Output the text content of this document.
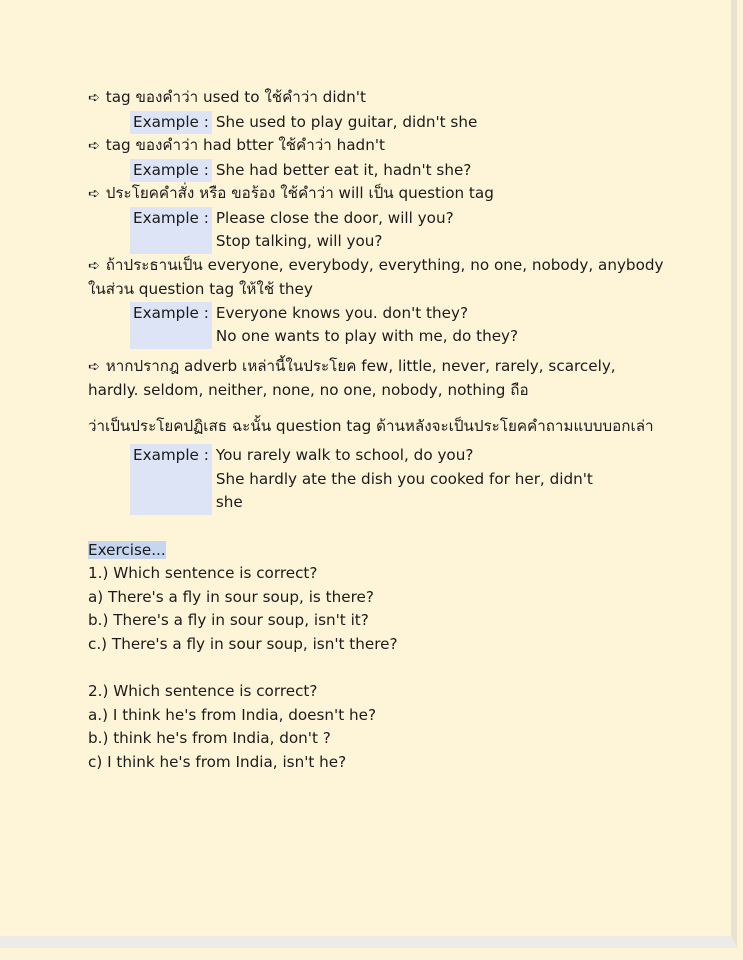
➪ tag ของคำว่า used to ใช้คำว่า didn't
Example : She used to play guitar, didn't she
➪ tag ของคำว่า had btter ใช้คำว่า hadn't
Example : She had better eat it, hadn't she?
➪ ประโยคคำสั่ง หรือ ขอร้อง ใช้คำว่า will เป็น question tag
Example : Please close the door, will you?
Stop talking, will you?
➪ ถ้าประธานเป็น everyone, everybody, everything, no one, nobody, anybody ในส่วน question tag ให้ใช้ they
Example : Everyone knows you. don't they?
No one wants to play with me, do they?
➪ หากปรากฎ adverb เหล่านี้ในประโยค few, little, never, rarely, scarcely, hardly. seldom, neither, none, no one, nobody, nothing ถือ
ว่าเป็นประโยคปฏิเสธ ฉะนั้น question tag ด้านหลังจะเป็นประโยคคำถามแบบบอกเล่า
Example : You rarely walk to school, do you?
She hardly ate the dish you cooked for her, didn't
she
Exercise...
1.) Which sentence is correct?
a) There's a fly in sour soup, is there?
b.) There's a fly in sour soup, isn't it?
c.) There's a fly in sour soup, isn't there?
2.) Which sentence is correct?
a.) I think he's from India, doesn't he?
b.) think he's from India, don't ?
c) I think he's from India, isn't he?
